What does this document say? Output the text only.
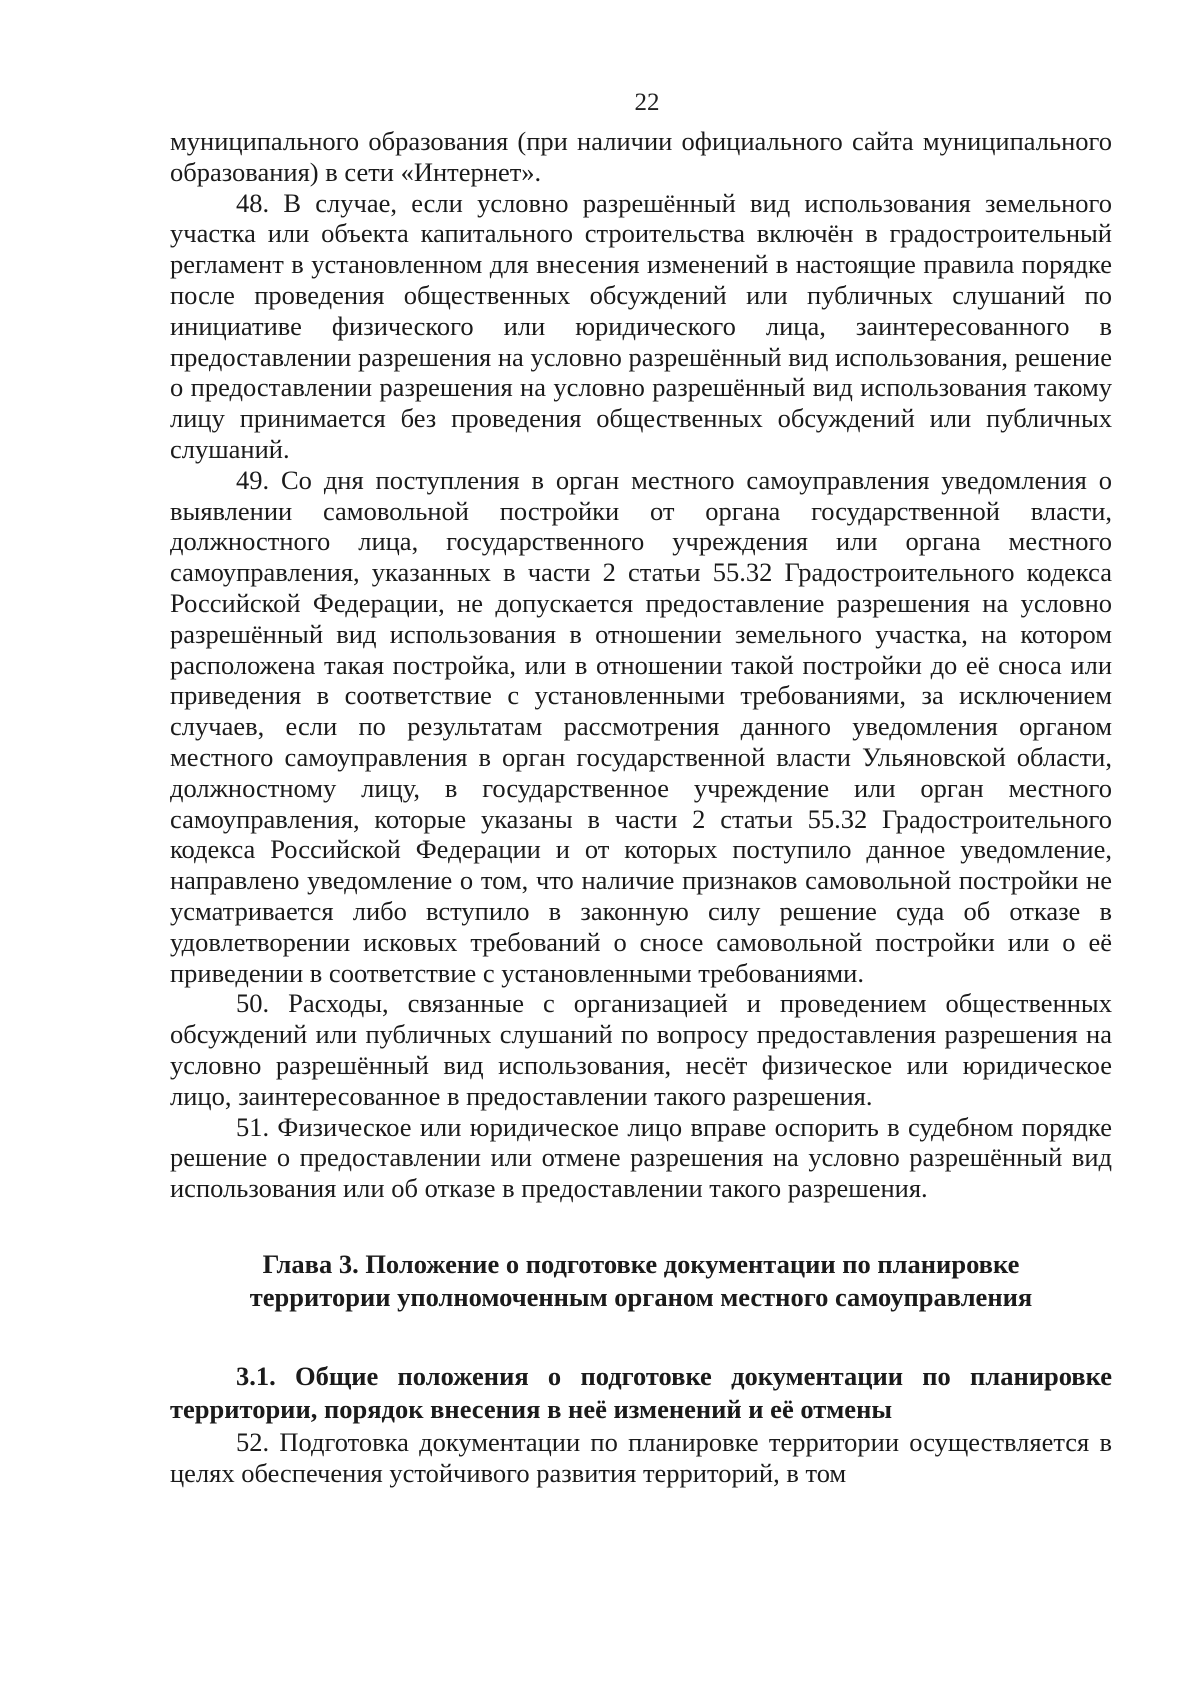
22

муниципального образования (при наличии официального сайта муниципального образования) в сети «Интернет».

48. В случае, если условно разрешённый вид использования земельного участка или объекта капитального строительства включён в градостроительный регламент в установленном для внесения изменений в настоящие правила порядке после проведения общественных обсуждений или публичных слушаний по инициативе физического или юридического лица, заинтересованного в предоставлении разрешения на условно разрешённый вид использования, решение о предоставлении разрешения на условно разрешённый вид использования такому лицу принимается без проведения общественных обсуждений или публичных слушаний.

49. Со дня поступления в орган местного самоуправления уведомления о выявлении самовольной постройки от органа государственной власти, должностного лица, государственного учреждения или органа местного самоуправления, указанных в части 2 статьи 55.32 Градостроительного кодекса Российской Федерации, не допускается предоставление разрешения на условно разрешённый вид использования в отношении земельного участка, на котором расположена такая постройка, или в отношении такой постройки до её сноса или приведения в соответствие с установленными требованиями, за исключением случаев, если по результатам рассмотрения данного уведомления органом местного самоуправления в орган государственной власти Ульяновской области, должностному лицу, в государственное учреждение или орган местного самоуправления, которые указаны в части 2 статьи 55.32 Градостроительного кодекса Российской Федерации и от которых поступило данное уведомление, направлено уведомление о том, что наличие признаков самовольной постройки не усматривается либо вступило в законную силу решение суда об отказе в удовлетворении исковых требований о сносе самовольной постройки или о её приведении в соответствие с установленными требованиями.

50. Расходы, связанные с организацией и проведением общественных обсуждений или публичных слушаний по вопросу предоставления разрешения на условно разрешённый вид использования, несёт физическое или юридическое лицо, заинтересованное в предоставлении такого разрешения.

51. Физическое или юридическое лицо вправе оспорить в судебном порядке решение о предоставлении или отмене разрешения на условно разрешённый вид использования или об отказе в предоставлении такого разрешения.

Глава 3. Положение о подготовке документации по планировке
территории уполномоченным органом местного самоуправления

3.1. Общие положения о подготовке документации по планировке территории, порядок внесения в неё изменений и её отмены

52. Подготовка документации по планировке территории осуществляется в целях обеспечения устойчивого развития территорий, в том
